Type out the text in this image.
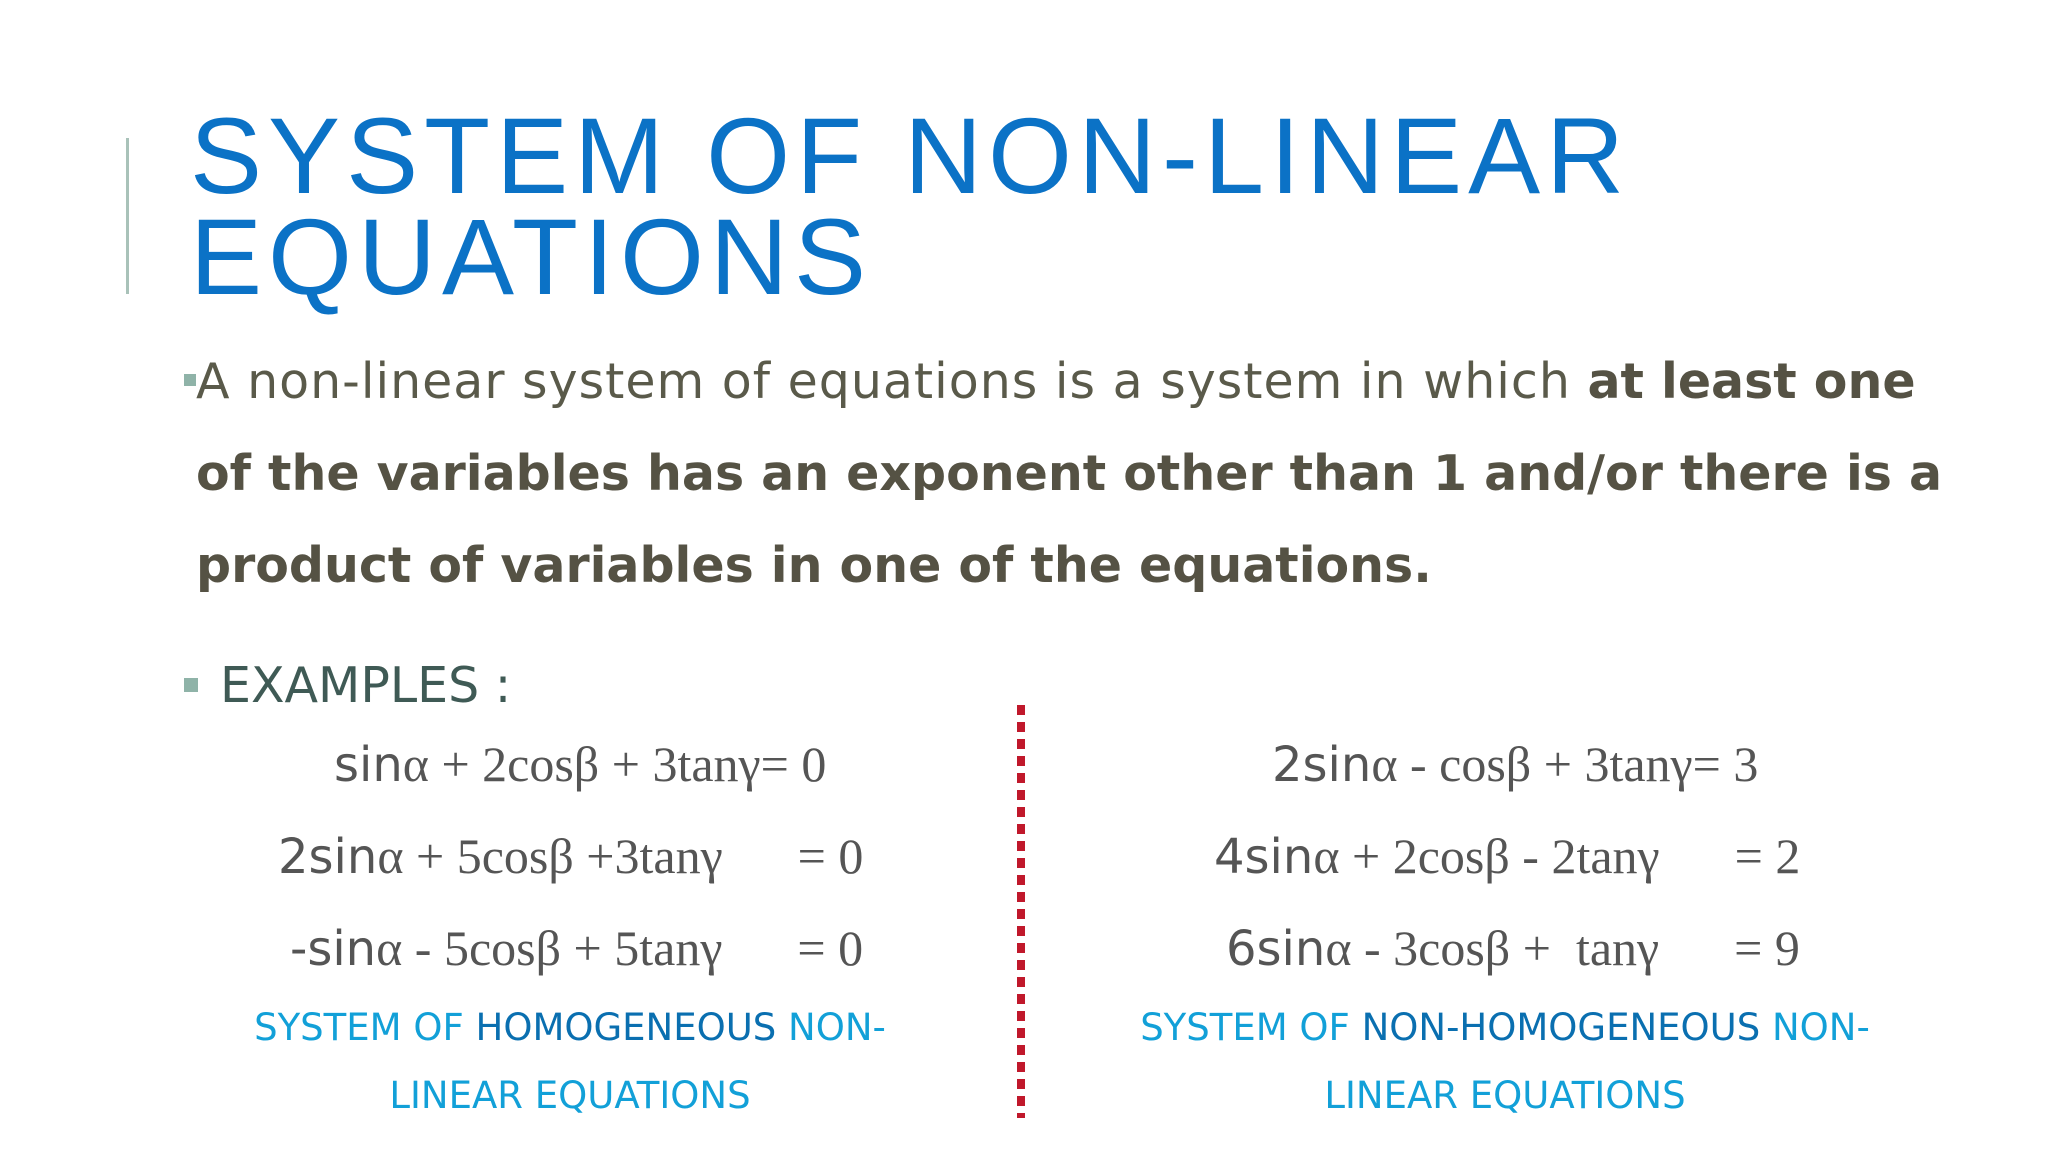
SYSTEM OF NON-LINEAR
EQUATIONS

A non-linear system of equations is a system in which at least one of the variables has an exponent other than 1 and/or there is a product of variables in one of the equations.

EXAMPLES :
sinα + 2cosβ + 3tanγ= 0
2sinα + 5cosβ +3tanγ      = 0
-sinα - 5cosβ + 5tanγ      = 0
SYSTEM OF HOMOGENEOUS NON-
LINEAR EQUATIONS
2sinα - cosβ + 3tanγ= 3
4sinα + 2cosβ - 2tanγ      = 2
6sinα - 3cosβ +  tanγ      = 9
SYSTEM OF NON-HOMOGENEOUS NON-
LINEAR EQUATIONS
